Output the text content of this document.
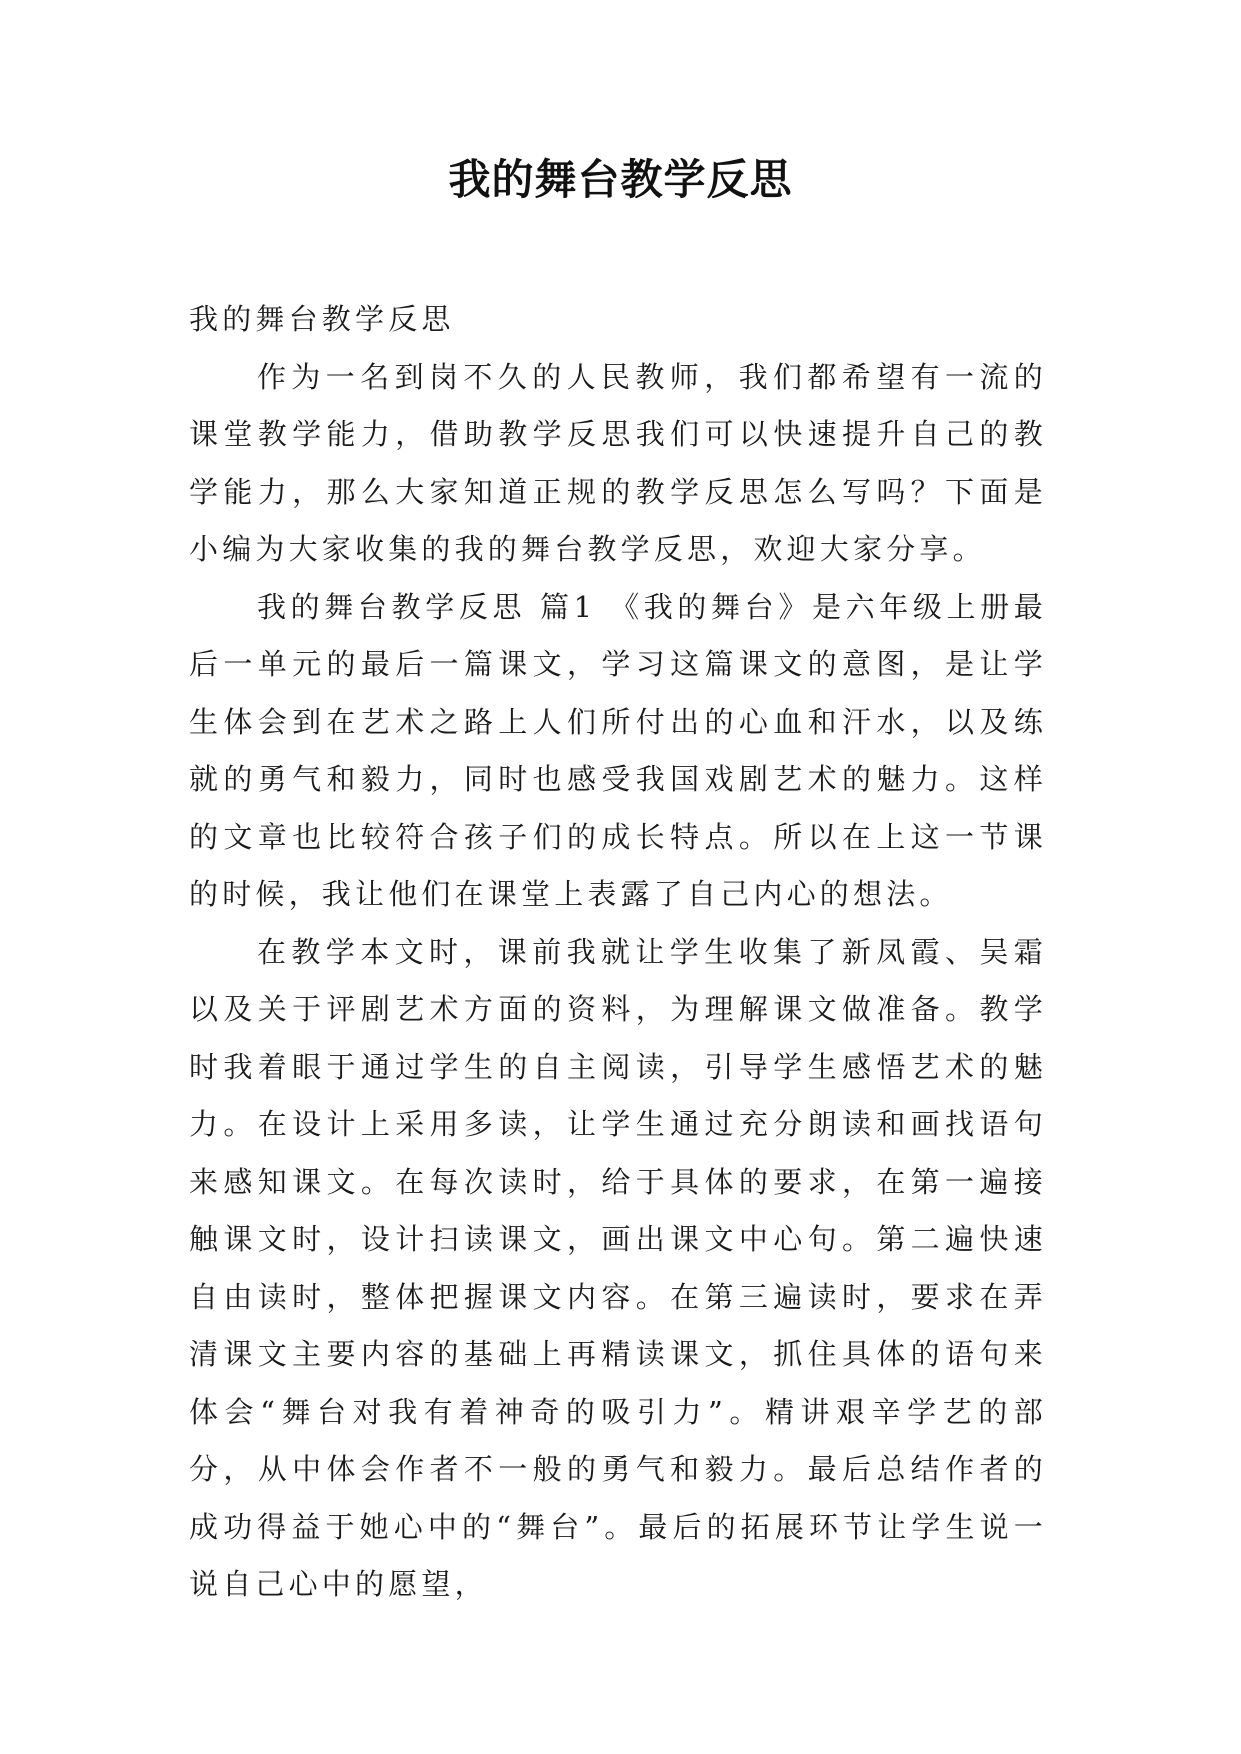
我的舞台教学反思

我的舞台教学反思

作为一名到岗不久的人民教师，我们都希望有一流的课堂教学能力，借助教学反思我们可以快速提升自己的教学能力，那么大家知道正规的教学反思怎么写吗？下面是小编为大家收集的我的舞台教学反思，欢迎大家分享。

我的舞台教学反思 篇1 《我的舞台》是六年级上册最后一单元的最后一篇课文，学习这篇课文的意图，是让学生体会到在艺术之路上人们所付出的心血和汗水，以及练就的勇气和毅力，同时也感受我国戏剧艺术的魅力。这样的文章也比较符合孩子们的成长特点。所以在上这一节课的时候，我让他们在课堂上表露了自己内心的想法。

在教学本文时，课前我就让学生收集了新凤霞、吴霜以及关于评剧艺术方面的资料，为理解课文做准备。教学时我着眼于通过学生的自主阅读，引导学生感悟艺术的魅力。在设计上采用多读，让学生通过充分朗读和画找语句来感知课文。在每次读时，给于具体的要求，在第一遍接触课文时，设计扫读课文，画出课文中心句。第二遍快速自由读时，整体把握课文内容。在第三遍读时，要求在弄清课文主要内容的基础上再精读课文，抓住具体的语句来体会“舞台对我有着神奇的吸引力”。精讲艰辛学艺的部分，从中体会作者不一般的勇气和毅力。最后总结作者的成功得益于她心中的“舞台”。最后的拓展环节让学生说一说自己心中的愿望，
